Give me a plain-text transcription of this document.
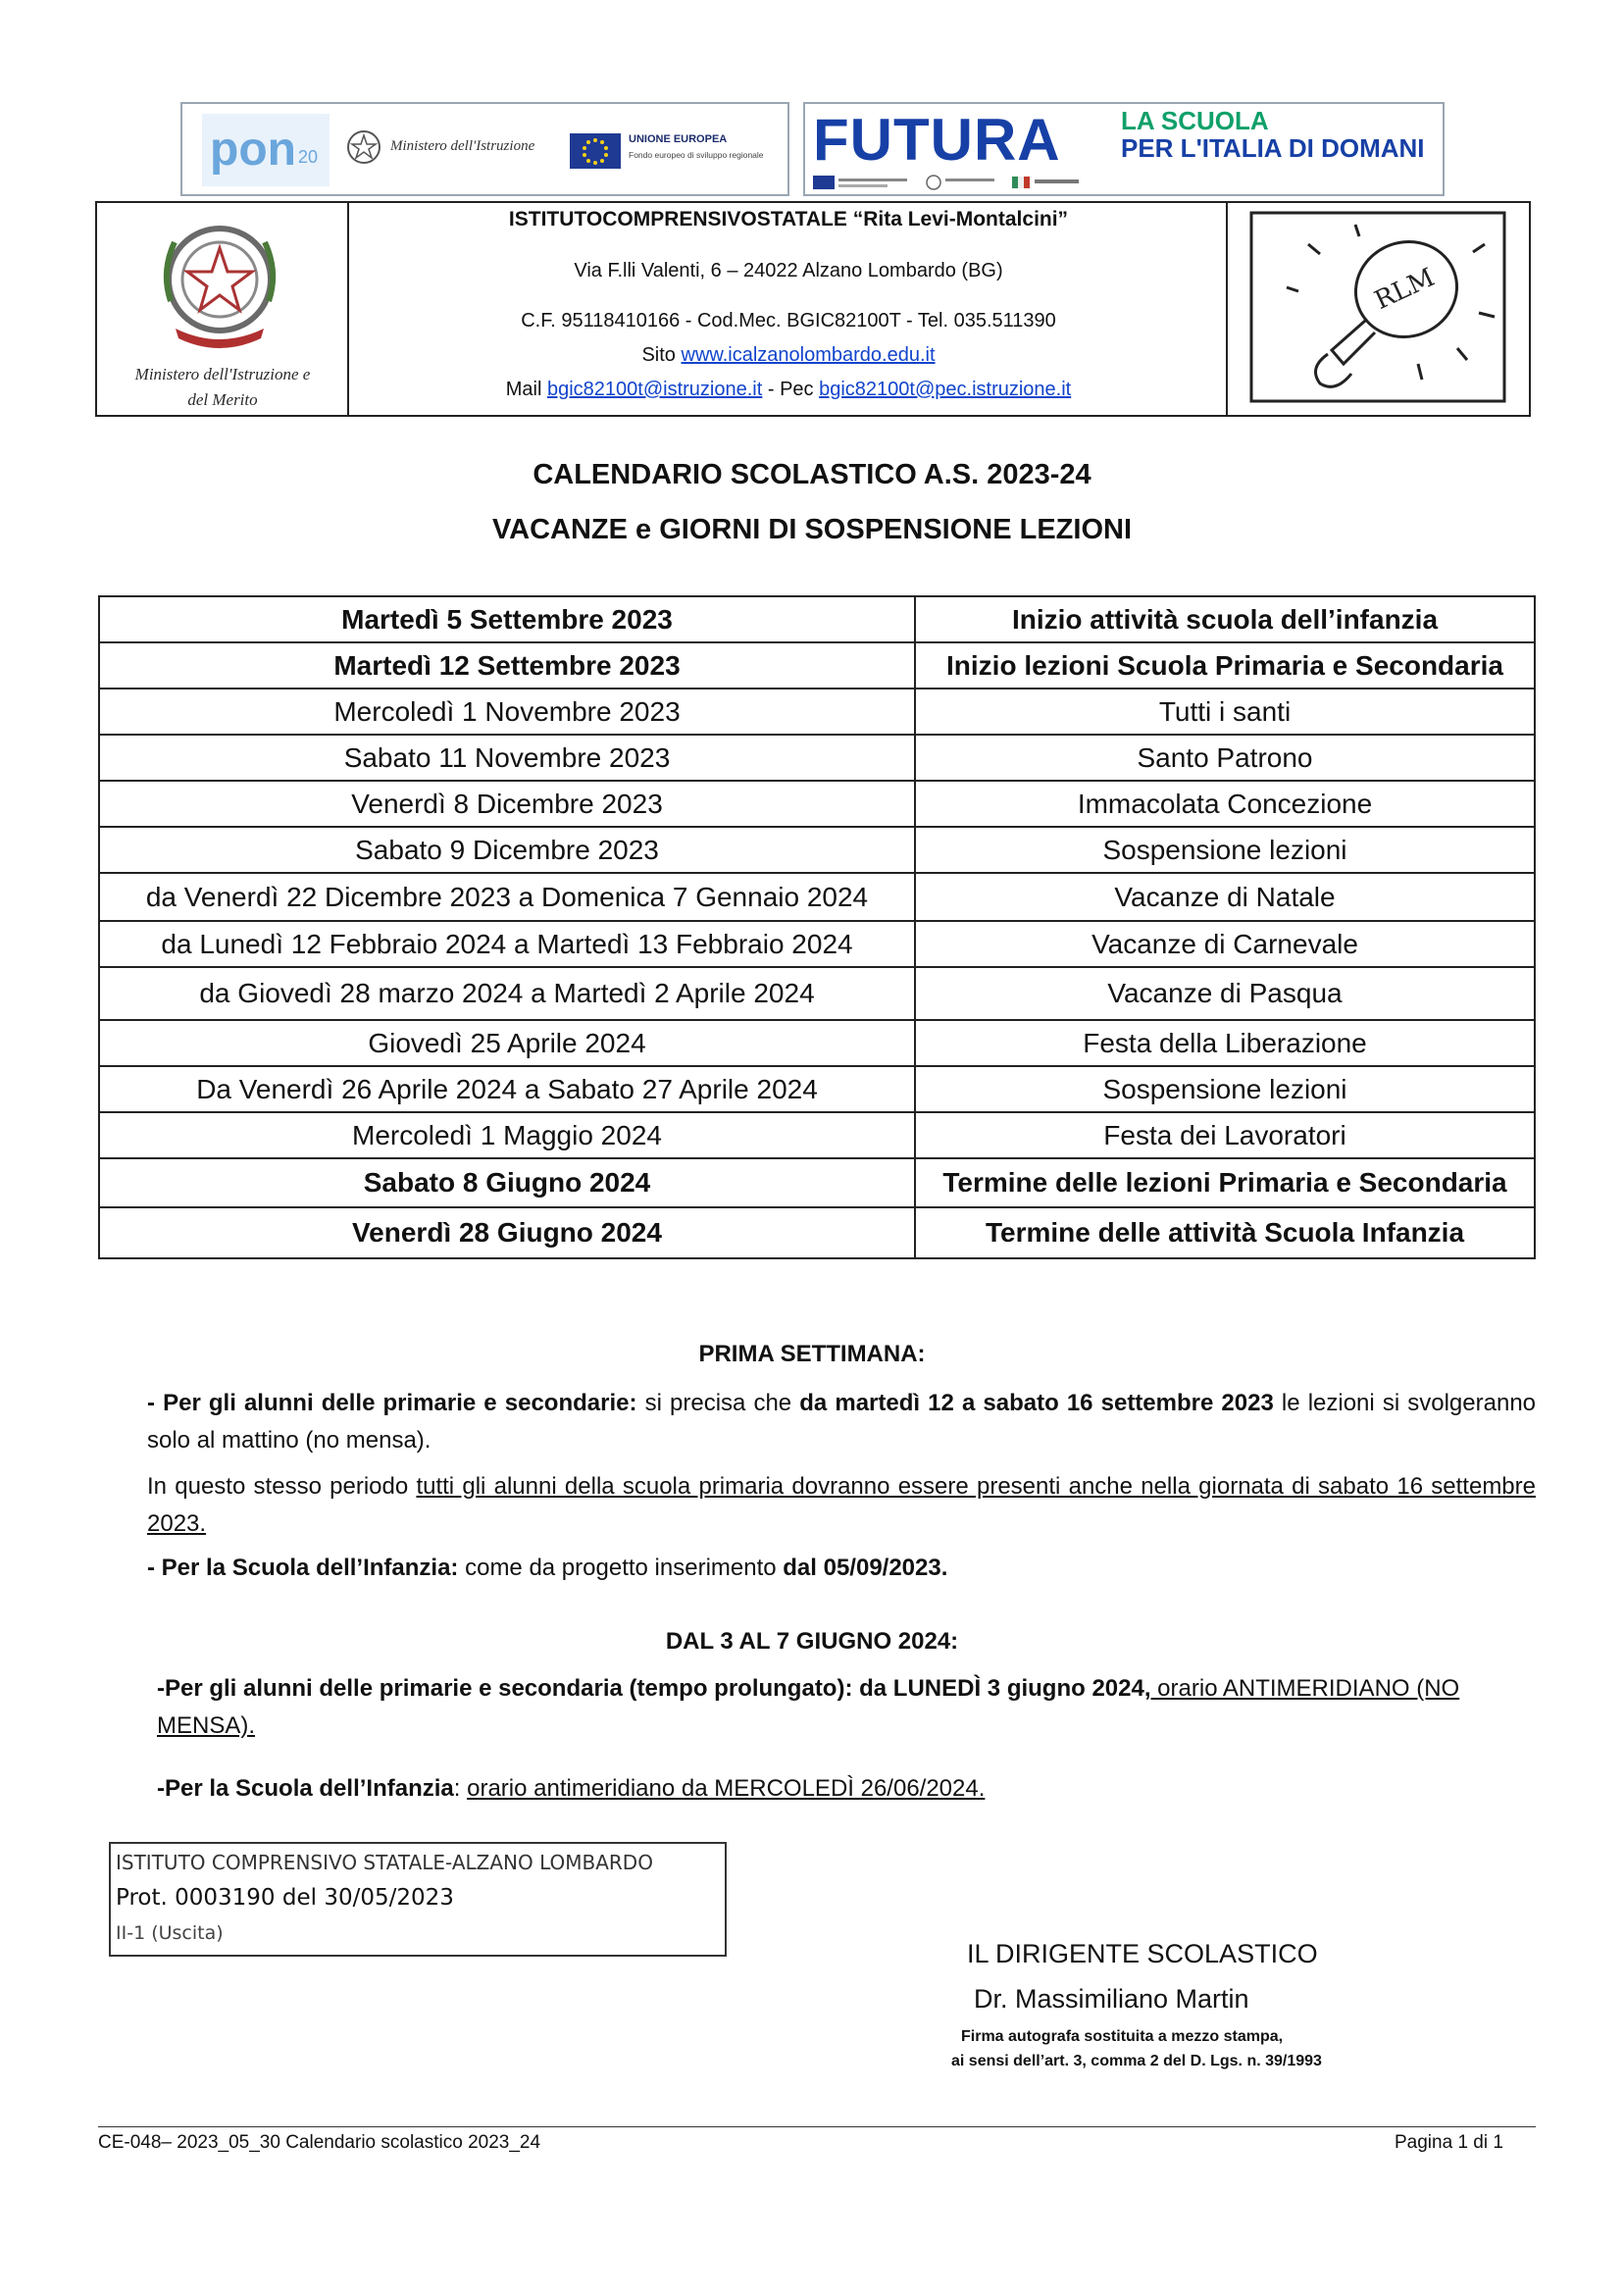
pon 20
Ministero dell'Istruzione	UNIONE EUROPEA
Fondo europeo di sviluppo regionale FUTURA LA SCUOLA
PER L'ITALIA DI DOMANI
Ministero dell'Istruzione e
del Merito
ISTITUTOCOMPRENSIVOSTATALE “Rita Levi-Montalcini”
Via F.lli Valenti, 6 – 24022 Alzano Lombardo (BG)
C.F. 95118410166 - Cod.Mec. BGIC82100T - Tel. 035.511390
Sito www.icalzanolombardo.edu.it
Mail bgic82100t@istruzione.it - Pec bgic82100t@pec.istruzione.it
RLM
CALENDARIO SCOLASTICO A.S. 2023-24
VACANZE e GIORNI DI SOSPENSIONE LEZIONI
Martedì 5 Settembre 2023	Inizio attività scuola dell’infanzia
Martedì 12 Settembre 2023	Inizio lezioni Scuola Primaria e Secondaria
Mercoledì 1 Novembre 2023	Tutti i santi
Sabato 11 Novembre 2023	Santo Patrono
Venerdì 8 Dicembre 2023	Immacolata Concezione
Sabato 9 Dicembre 2023	Sospensione lezioni
da Venerdì 22 Dicembre 2023 a Domenica 7 Gennaio 2024	Vacanze di Natale
da Lunedì 12 Febbraio 2024 a Martedì 13 Febbraio 2024	Vacanze di Carnevale
da Giovedì 28 marzo 2024 a Martedì 2 Aprile 2024	Vacanze di Pasqua
Giovedì 25 Aprile 2024	Festa della Liberazione
Da Venerdì 26 Aprile 2024 a Sabato 27 Aprile 2024	Sospensione lezioni
Mercoledì 1 Maggio 2024	Festa dei Lavoratori
Sabato 8 Giugno 2024	Termine delle lezioni Primaria e Secondaria
Venerdì 28 Giugno 2024	Termine delle attività Scuola Infanzia
PRIMA SETTIMANA:
- Per gli alunni delle primarie e secondarie: si precisa che da martedì 12 a sabato 16 settembre 2023 le lezioni si svolgeranno solo al mattino (no mensa).
In questo stesso periodo tutti gli alunni della scuola primaria dovranno essere presenti anche nella giornata di sabato 16 settembre 2023.
- Per la Scuola dell’Infanzia: come da progetto inserimento dal 05/09/2023.
DAL 3 AL 7 GIUGNO 2024:
-Per gli alunni delle primarie e secondaria (tempo prolungato): da LUNEDÌ 3 giugno 2024, orario ANTIMERIDIANO (NO MENSA).
-Per la Scuola dell’Infanzia: orario antimeridiano da MERCOLEDÌ 26/06/2024.
ISTITUTO COMPRENSIVO STATALE-ALZANO LOMBARDO
Prot. 0003190 del 30/05/2023
II-1 (Uscita)
IL DIRIGENTE SCOLASTICO
Dr. Massimiliano Martin
Firma autografa sostituita a mezzo stampa,
ai sensi dell’art. 3, comma 2 del D. Lgs. n. 39/1993
CE-048– 2023_05_30 Calendario scolastico 2023_24	Pagina 1 di 1
